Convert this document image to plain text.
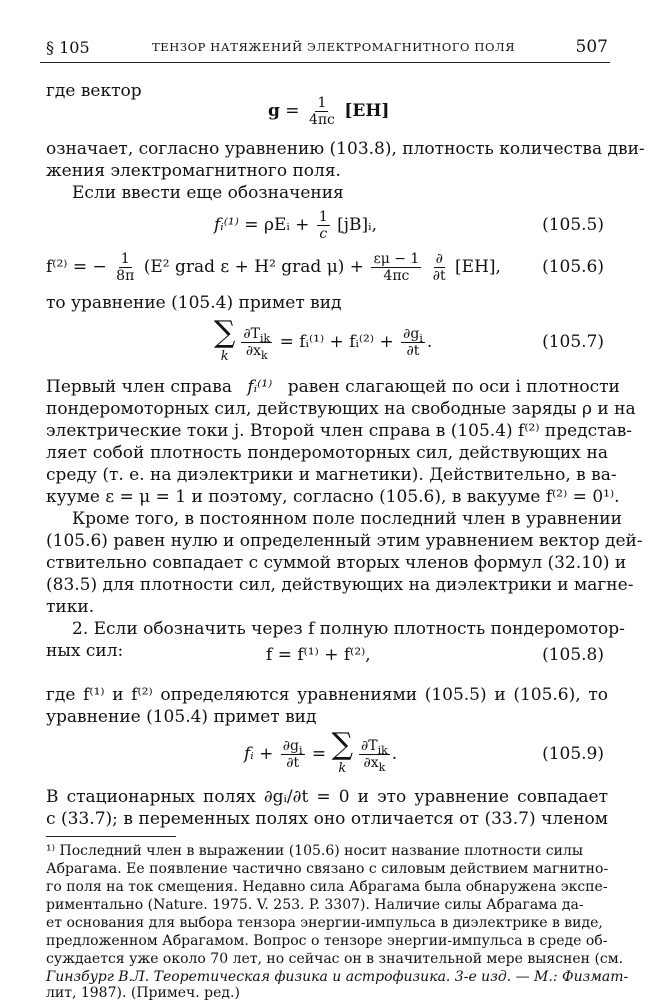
§ 105	ТЕНЗОР НАТЯЖЕНИЙ ЭЛЕКТРОМАГНИТНОГО ПОЛЯ	507
где вектор
$g = \frac{1}{4\pi c}$
[EH]
означает, согласно уравнению (103.8), плотность количества дви-
жения электромагнитного поля.
Если ввести еще обозначения
fᵢ⁽¹⁾
= ρEᵢ +
$\frac{1}{c}$
[jB]ᵢ,	(105.5)
f⁽²⁾ = −
$\frac{1}{8\pi}$
(E² grad ε + H² grad μ) +
$\frac{\varepsilon\mu - 1}{4\pi c}$
$\frac{\partial}{\partial t}$
[EH], (105.6)
то уравнение (105.4) примет вид
∑
k $\frac{\partial T_{ik}}{\partial x_k}$
= fᵢ⁽¹⁾ + fᵢ⁽²⁾ +
$\frac{\partial g_i}{\partial t}$ .	(105.7)
Первый член справа fᵢ⁽¹⁾ равен слагающей по оси i плотности
пондеромоторных сил, действующих на свободные заряды ρ и на
электрические токи j. Второй член справа в (105.4) f⁽²⁾ представ-
ляет собой плотность пондеромоторных сил, действующих на
среду (т. е. на диэлектрики и магнетики). Действительно, в ва-
кууме ε = μ = 1 и поэтому, согласно (105.6), в вакууме f⁽²⁾ = 0¹⁾.
Кроме того, в постоянном поле последний член в уравнении
(105.6) равен нулю и определенный этим уравнением вектор дей-
ствительно совпадает с суммой вторых членов формул (32.10) и
(83.5) для плотности сил, действующих на диэлектрики и магне-
тики.
2. Если обозначить через f полную плотность пондеромотор-
ных сил:	f = f⁽¹⁾ + f⁽²⁾,	(105.8)
где f⁽¹⁾ и f⁽²⁾ определяются уравнениями (105.5) и (105.6), то
уравнение (105.4) примет вид
fᵢ +
$\frac{\partial g_i}{\partial t}$
=
∑
k $\frac{\partial T_{ik}}{\partial x_k}$ .	(105.9)
В стационарных полях ∂gᵢ/∂t = 0 и это уравнение совпадает
с (33.7); в переменных полях оно отличается от (33.7) членом
¹⁾ Последний член в выражении (105.6) носит название плотности силы
Абрагама. Ее появление частично связано с силовым действием магнитно-
го поля на ток смещения. Недавно сила Абрагама была обнаружена экспе-
риментально (Nature. 1975. V. 253. P. 3307). Наличие силы Абрагама да-
ет основания для выбора тензора энергии-импульса в диэлектрике в виде,
предложенном Абрагамом. Вопрос о тензоре энергии-импульса в среде об-
суждается уже около 70 лет, но сейчас он в значительной мере выяснен (см.
Гинзбург В.Л. Теоретическая физика и астрофизика. 3-е изд. — М.: Физмат-
лит, 1987). (Примеч. ред.)
